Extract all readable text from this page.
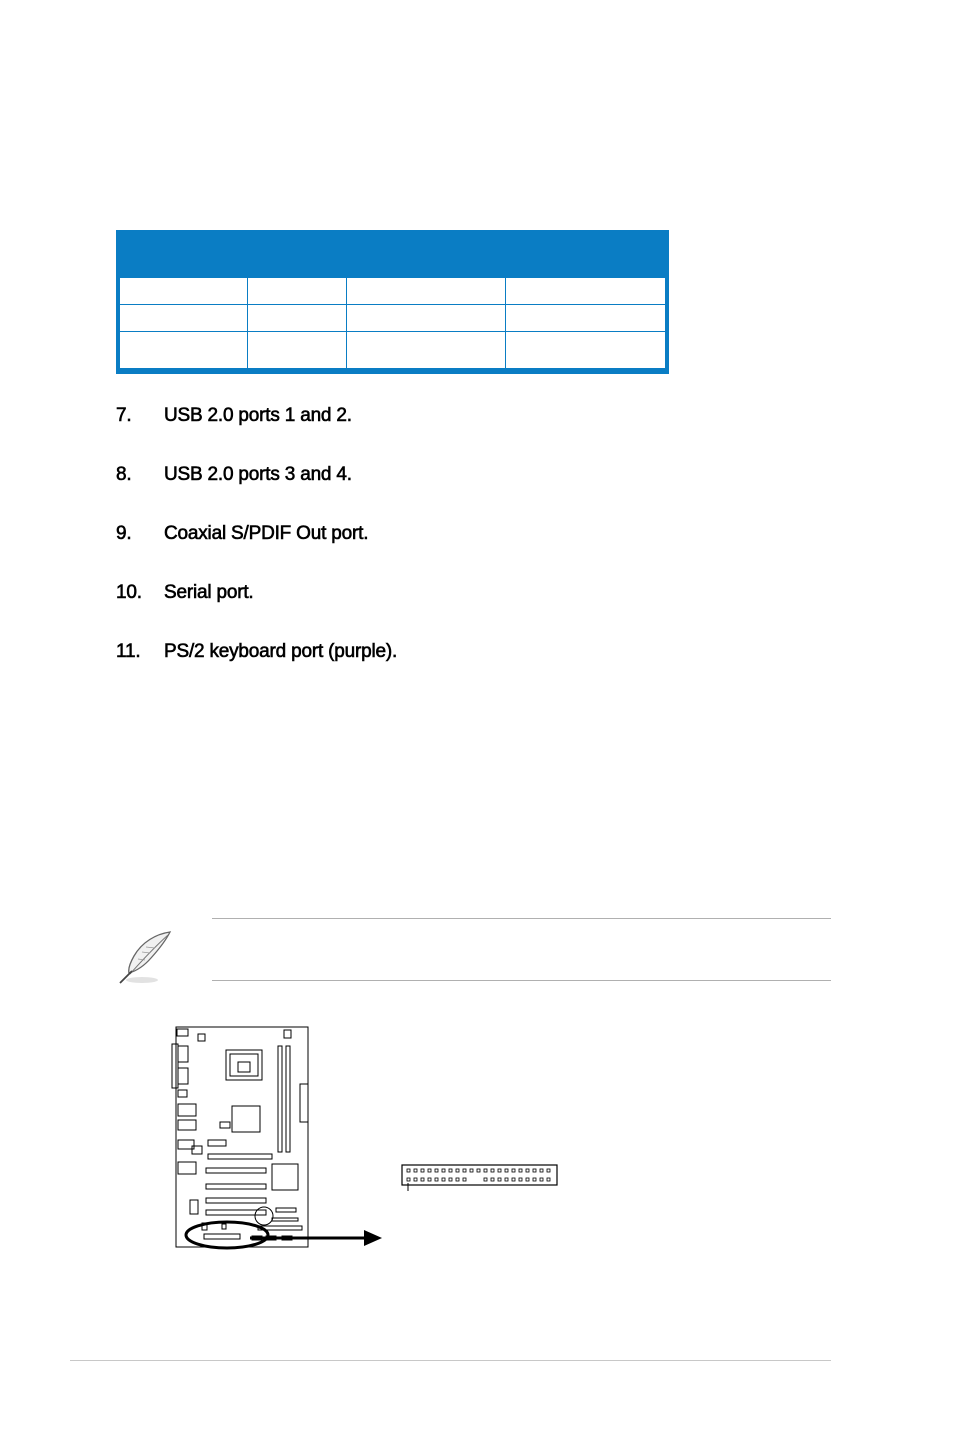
7. USB 2.0 ports 1 and 2.
8. USB 2.0 ports 3 and 4.
9. Coaxial S/PDIF Out port.
10. Serial port.
11. PS/2 keyboard port (purple).
